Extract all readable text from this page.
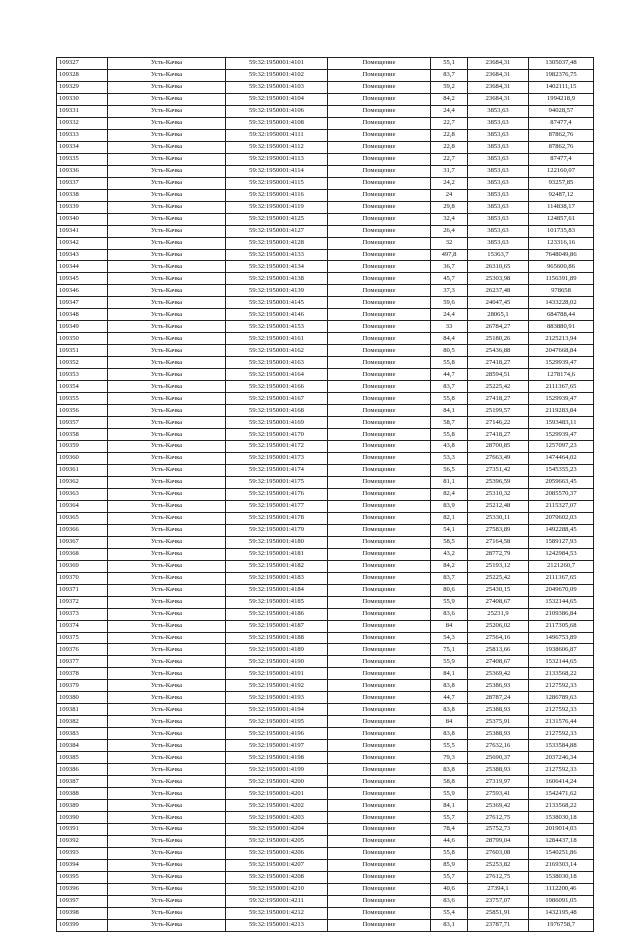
109327	Усть-Качка	59:32:1950001:4101	Помещение	55,1	23684,31	1305037,48
109328	Усть-Качка	59:32:1950001:4102	Помещение	83,7	23684,31	1982376,75
109329	Усть-Качка	59:32:1950001:4103	Помещение	59,2	23684,31	1402111,15
109330	Усть-Качка	59:32:1950001:4104	Помещение	84,2	23684,31	1994218,9
109331	Усть-Качка	59:32:1950001:4106	Помещение	24,4	3853,63	94028,57
109332	Усть-Качка	59:32:1950001:4108	Помещение	22,7	3853,63	87477,4
109333	Усть-Качка	59:32:1950001:4111	Помещение	22,8	3853,63	87862,76
109334	Усть-Качка	59:32:1950001:4112	Помещение	22,8	3853,63	87862,76
109335	Усть-Качка	59:32:1950001:4113	Помещение	22,7	3853,63	87477,4
109336	Усть-Качка	59:32:1950001:4114	Помещение	31,7	3853,63	122160,07
109337	Усть-Качка	59:32:1950001:4115	Помещение	24,2	3853,63	93257,85
109338	Усть-Качка	59:32:1950001:4116	Помещение	24	3853,63	92487,12
109339	Усть-Качка	59:32:1950001:4119	Помещение	29,8	3853,63	114838,17
109340	Усть-Качка	59:32:1950001:4125	Помещение	32,4	3853,63	124857,61
109341	Усть-Качка	59:32:1950001:4127	Помещение	26,4	3853,63	101735,83
109342	Усть-Качка	59:32:1950001:4128	Помещение	32	3853,63	123316,16
109343	Усть-Качка	59:32:1950001:4133	Помещение	497,8	15363,7	7648049,86
109344	Усть-Качка	59:32:1950001:4134	Помещение	36,7	26310,65	965600,86
109345	Усть-Качка	59:32:1950001:4138	Помещение	45,7	25303,98	1156391,89
109346	Усть-Качка	59:32:1950001:4139	Помещение	37,3	26237,48	978658
109347	Усть-Качка	59:32:1950001:4145	Помещение	59,6	24047,45	1433228,02
109348	Усть-Качка	59:32:1950001:4146	Помещение	24,4	28065,1	684788,44
109349	Усть-Качка	59:32:1950001:4153	Помещение	33	26784,27	883880,91
109350	Усть-Качка	59:32:1950001:4161	Помещение	84,4	25180,26	2125213,94
109351	Усть-Качка	59:32:1950001:4162	Помещение	80,5	25436,88	2047668,84
109352	Усть-Качка	59:32:1950001:4163	Помещение	55,8	27418,27	1529939,47
109353	Усть-Качка	59:32:1950001:4164	Помещение	44,7	28594,51	1278174,6
109354	Усть-Качка	59:32:1950001:4166	Помещение	83,7	25225,42	2111367,65
109355	Усть-Качка	59:32:1950001:4167	Помещение	55,8	27418,27	1529939,47
109356	Усть-Качка	59:32:1950001:4168	Помещение	84,1	25199,57	2119283,84
109357	Усть-Качка	59:32:1950001:4169	Помещение	58,7	27146,22	1593483,11
109358	Усть-Качка	59:32:1950001:4170	Помещение	55,8	27418,27	1529939,47
109359	Усть-Качка	59:32:1950001:4172	Помещение	43,8	28700,85	1257097,23
109360	Усть-Качка	59:32:1950001:4173	Помещение	53,3	27663,49	1474464,02
109361	Усть-Качка	59:32:1950001:4174	Помещение	56,5	27351,42	1545355,23
109362	Усть-Качка	59:32:1950001:4175	Помещение	81,1	25396,59	2059663,45
109363	Усть-Качка	59:32:1950001:4176	Помещение	82,4	25310,32	2085570,37
109364	Усть-Качка	59:32:1950001:4177	Помещение	83,9	25212,48	2115327,07
109365	Усть-Качка	59:32:1950001:4178	Помещение	82,1	25330,11	2079602,03
109366	Усть-Качка	59:32:1950001:4179	Помещение	54,1	27583,89	1492288,45
109367	Усть-Качка	59:32:1950001:4180	Помещение	58,5	27164,58	1589127,93
109368	Усть-Качка	59:32:1950001:4181	Помещение	43,2	28772,79	1242984,53
109369	Усть-Качка	59:32:1950001:4182	Помещение	84,2	25193,12	2121260,7
109370	Усть-Качка	59:32:1950001:4183	Помещение	83,7	25225,42	2111367,65
109371	Усть-Качка	59:32:1950001:4184	Помещение	80,6	25430,15	2049670,09
109372	Усть-Качка	59:32:1950001:4185	Помещение	55,9	27408,67	1532144,65
109373	Усть-Качка	59:32:1950001:4186	Помещение	83,6	25231,9	2109386,84
109374	Усть-Качка	59:32:1950001:4187	Помещение	84	25206,02	2117305,68
109375	Усть-Качка	59:32:1950001:4188	Помещение	54,3	27564,16	1496753,89
109376	Усть-Качка	59:32:1950001:4189	Помещение	75,1	25813,66	1938606,87
109377	Усть-Качка	59:32:1950001:4190	Помещение	55,9	27408,67	1532144,65
109378	Усть-Качка	59:32:1950001:4191	Помещение	84,1	25369,42	2133568,22
109379	Усть-Качка	59:32:1950001:4192	Помещение	83,8	25386,93	2127592,33
109380	Усть-Качка	59:32:1950001:4193	Помещение	44,7	28787,24	1286789,63
109381	Усть-Качка	59:32:1950001:4194	Помещение	83,8	25388,93	2127592,33
109382	Усть-Качка	59:32:1950001:4195	Помещение	84	25375,91	2131576,44
109383	Усть-Качка	59:32:1950001:4196	Помещение	83,8	25388,93	2127592,33
109384	Усть-Качка	59:32:1950001:4197	Помещение	55,5	27632,16	1533584,88
109385	Усть-Качка	59:32:1950001:4198	Помещение	79,3	25690,37	2037246,34
109386	Усть-Качка	59:32:1950001:4199	Помещение	83,8	25388,93	2127592,33
109387	Усть-Качка	59:32:1950001:4200	Помещение	58,8	27319,97	1606414,24
109388	Усть-Качка	59:32:1950001:4201	Помещение	55,9	27593,41	1542471,62
109389	Усть-Качка	59:32:1950001:4202	Помещение	84,1	25369,42	2133568,22
109390	Усть-Качка	59:32:1950001:4203	Помещение	55,7	27612,75	1538030,18
109391	Усть-Качка	59:32:1950001:4204	Помещение	78,4	25752,73	2019014,03
109392	Усть-Качка	59:32:1950001:4205	Помещение	44,6	28799,04	1284437,18
109393	Усть-Качка	59:32:1950001:4206	Помещение	55,8	27603,08	1540251,86
109394	Усть-Качка	59:32:1950001:4207	Помещение	85,9	25253,82	2169303,14
109395	Усть-Качка	59:32:1950001:4208	Помещение	55,7	27612,75	1538030,18
109396	Усть-Качка	59:32:1950001:4210	Помещение	40,6	27394,1	1112200,46
109397	Усть-Качка	59:32:1950001:4211	Помещение	83,6	23757,07	1986091,05
109398	Усть-Качка	59:32:1950001:4212	Помещение	55,4	25851,91	1432195,48
109399	Усть-Качка	59:32:1950001:4213	Помещение	83,1	23787,71	1976758,7
